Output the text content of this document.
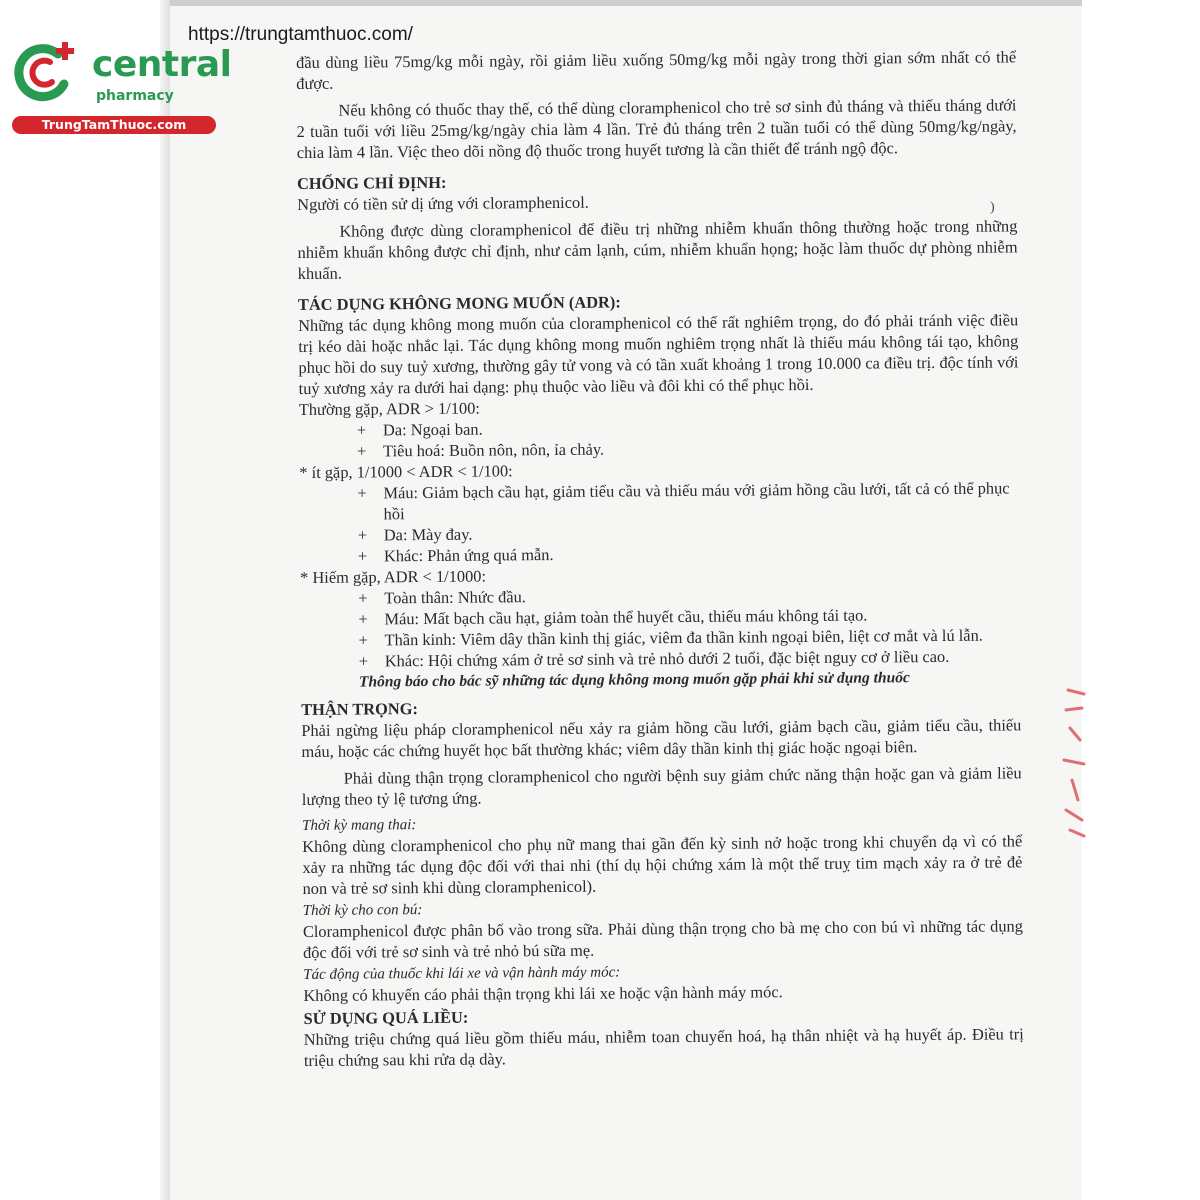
central
pharmacy
TrungTamThuoc.com
https://trungtamthuoc.com/

đầu dùng liều 75mg/kg mỗi ngày, rồi giảm liều xuống 50mg/kg mỗi ngày trong thời gian sớm nhất có thể được.

Nếu không có thuốc thay thế, có thể dùng cloramphenicol cho trẻ sơ sinh đủ tháng và thiếu tháng dưới 2 tuần tuổi với liều 25mg/kg/ngày chia làm 4 lần. Trẻ đủ tháng trên 2 tuần tuổi có thể dùng 50mg/kg/ngày, chia làm 4 lần. Việc theo dõi nồng độ thuốc trong huyết tương là cần thiết để tránh ngộ độc.

CHỐNG CHỈ ĐỊNH:

Người có tiền sử dị ứng với cloramphenicol.

Không được dùng cloramphenicol để điều trị những nhiễm khuẩn thông thường hoặc trong những nhiễm khuẩn không được chỉ định, như cảm lạnh, cúm, nhiễm khuẩn họng; hoặc làm thuốc dự phòng nhiễm khuẩn.

TÁC DỤNG KHÔNG MONG MUỐN (ADR):

Những tác dụng không mong muốn của cloramphenicol có thể rất nghiêm trọng, do đó phải tránh việc điều trị kéo dài hoặc nhắc lại. Tác dụng không mong muốn nghiêm trọng nhất là thiếu máu không tái tạo, không phục hồi do suy tuỷ xương, thường gây tử vong và có tần xuất khoảng 1 trong 10.000 ca điều trị. độc tính với tuỷ xương xảy ra dưới hai dạng: phụ thuộc vào liều và đôi khi có thể phục hồi.

Thường gặp, ADR > 1/100:
+ Da: Ngoại ban.
+ Tiêu hoá: Buồn nôn, nôn, ỉa chảy.
* ít gặp, 1/1000 < ADR < 1/100:
+ Máu: Giảm bạch cầu hạt, giảm tiểu cầu và thiếu máu với giảm hồng cầu lưới, tất cả có thể phục hồi
+ Da: Mày đay.
+ Khác: Phản ứng quá mẫn.
* Hiếm gặp, ADR < 1/1000:
+ Toàn thân: Nhức đầu.
+ Máu: Mất bạch cầu hạt, giảm toàn thể huyết cầu, thiếu máu không tái tạo.
+ Thần kinh: Viêm dây thần kinh thị giác, viêm đa thần kinh ngoại biên, liệt cơ mắt và lú lẫn.
+ Khác: Hội chứng xám ở trẻ sơ sinh và trẻ nhỏ dưới 2 tuổi, đặc biệt nguy cơ ở liều cao.
Thông báo cho bác sỹ những tác dụng không mong muốn gặp phải khi sử dụng thuốc
THẬN TRỌNG:

Phải ngừng liệu pháp cloramphenicol nếu xảy ra giảm hồng cầu lưới, giảm bạch cầu, giảm tiểu cầu, thiếu máu, hoặc các chứng huyết học bất thường khác; viêm dây thần kinh thị giác hoặc ngoại biên.

Phải dùng thận trọng cloramphenicol cho người bệnh suy giảm chức năng thận hoặc gan và giảm liều lượng theo tỷ lệ tương ứng.

Thời kỳ mang thai:

Không dùng cloramphenicol cho phụ nữ mang thai gần đến kỳ sinh nở hoặc trong khi chuyển dạ vì có thể xảy ra những tác dụng độc đối với thai nhi (thí dụ hội chứng xám là một thể truỵ tim mạch xảy ra ở trẻ đẻ non và trẻ sơ sinh khi dùng cloramphenicol).

Thời kỳ cho con bú:

Cloramphenicol được phân bố vào trong sữa. Phải dùng thận trọng cho bà mẹ cho con bú vì những tác dụng độc đối với trẻ sơ sinh và trẻ nhỏ bú sữa mẹ.

Tác động của thuốc khi lái xe và vận hành máy móc:

Không có khuyến cáo phải thận trọng khi lái xe hoặc vận hành máy móc.

SỬ DỤNG QUÁ LIỀU:

Những triệu chứng quá liều gồm thiếu máu, nhiễm toan chuyển hoá, hạ thân nhiệt và hạ huyết áp. Điều trị triệu chứng sau khi rửa dạ dày.

)
